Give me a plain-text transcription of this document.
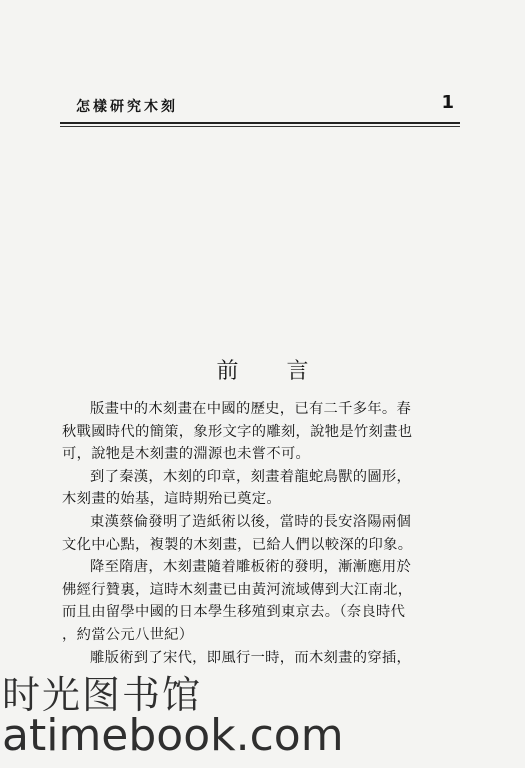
怎樣研究木刻	1
前言
版畫中的木刻畫在中國的歷史，已有二千多年。春
秋戰國時代的簡策，象形文字的雕刻，說牠是竹刻畫也
可，說牠是木刻畫的淵源也未嘗不可。
到了秦漢，木刻的印章，刻畫着龍蛇鳥獸的圖形，
木刻畫的始基，這時期殆已奠定。
東漢蔡倫發明了造紙術以後，當時的長安洛陽兩個
文化中心點，複製的木刻畫，已給人們以較深的印象。
降至隋唐，木刻畫隨着雕板術的發明，漸漸應用於
佛經行贊裏，這時木刻畫已由黃河流域傳到大江南北，
而且由留學中國的日本學生移殖到東京去。（奈良時代
，約當公元八世紀）
雕版術到了宋代，即風行一時，而木刻畫的穿插，
时光图书馆
atimebook.com
